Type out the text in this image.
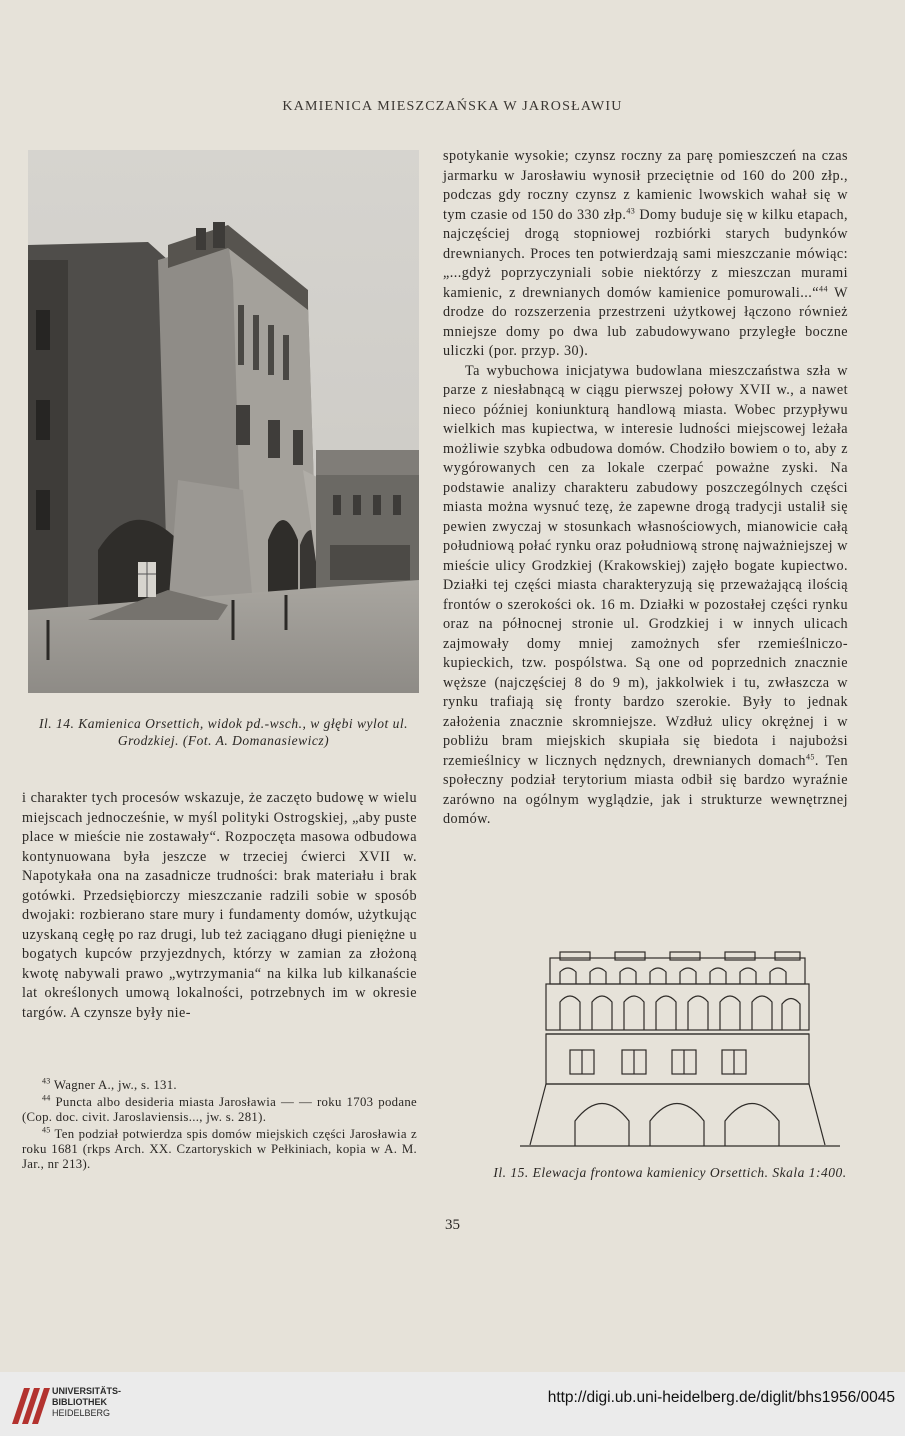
KAMIENICA MIESZCZAŃSKA W JAROSŁAWIU
Il. 14. Kamienica Orsettich, widok pd.-wsch., w głębi wylot ul. Grodzkiej. (Fot. A. Domanasiewicz)

spotykanie wysokie; czynsz roczny za parę pomieszczeń na czas jarmarku w Jarosławiu wynosił przeciętnie od 160 do 200 złp., podczas gdy roczny czynsz z kamienic lwowskich wahał się w tym czasie od 150 do 330 złp.$^{43}$ Domy buduje się w kilku etapach, najczęściej drogą stopniowej rozbiórki starych budynków drewnianych. Proces ten potwierdzają sami mieszczanie mówiąc: „...gdyż poprzyczyniali sobie niektórzy z mieszczan murami kamienic, z drewnianych domów kamienice pomurowali...“$^{44}$ W drodze do rozszerzenia przestrzeni użytkowej łączono również mniejsze domy po dwa lub zabudowywano przyległe boczne uliczki (por. przyp. 30).

Ta wybuchowa inicjatywa budowlana mieszczaństwa szła w parze z niesłabnącą w ciągu pierwszej połowy XVII w., a nawet nieco później koniunkturą handlową miasta. Wobec przypływu wielkich mas kupiectwa, w interesie ludności miejscowej leżała możliwie szybka odbudowa domów. Chodziło bowiem o to, aby z wygórowanych cen za lokale czerpać poważne zyski. Na podstawie analizy charakteru zabudowy poszczególnych części miasta można wysnuć tezę, że zapewne drogą tradycji ustalił się pewien zwyczaj w stosunkach własnościowych, mianowicie całą południową połać rynku oraz południową stronę najważniejszej w mieście ulicy Grodzkiej (Krakowskiej) zajęło bogate kupiectwo. Działki tej części miasta charakteryzują się przeważającą ilością frontów o szerokości ok. 16 m. Działki w pozostałej części rynku oraz na północnej stronie ul. Grodzkiej i w innych ulicach zajmowały domy mniej zamożnych sfer rzemieślniczo-kupieckich, tzw. pospólstwa. Są one od poprzednich znacznie węższe (najczęściej 8 do 9 m), jakkolwiek i tu, zwłaszcza w rynku trafiają się fronty bardzo szerokie. Były to jednak założenia znacznie skromniejsze. Wzdłuż ulicy okrężnej i w pobliżu bram miejskich skupiała się biedota i najubożsi rzemieślnicy w licznych nędznych, drewnianych domach$^{45}$. Ten społeczny podział terytorium miasta odbił się bardzo wyraźnie zarówno na ogólnym wyglądzie, jak i strukturze wewnętrznej domów.

i charakter tych procesów wskazuje, że zaczęto budowę w wielu miejscach jednocześnie, w myśl polityki Ostrogskiej, „aby puste place w mieście nie zostawały“. Rozpoczęta masowa odbudowa kontynuowana była jeszcze w trzeciej ćwierci XVII w. Napotykała ona na zasadnicze trudności: brak materiału i brak gotówki. Przedsiębiorczy mieszczanie radzili sobie w sposób dwojaki: rozbierano stare mury i fundamenty domów, użytkując uzyskaną cegłę po raz drugi, lub też zaciągano długi pieniężne u bogatych kupców przyjezdnych, którzy w zamian za złożoną kwotę nabywali prawo „wytrzymania“ na kilka lub kilkanaście lat określonych umową lokalności, potrzebnych im w okresie targów. A czynsze były nie-

$^{43}$ Wagner A., jw., s. 131.

$^{44}$ Puncta albo desideria miasta Jarosławia — — roku 1703 podane (Cop. doc. civit. Jaroslaviensis..., jw. s. 281).

$^{45}$ Ten podział potwierdza spis domów miejskich części Jarosławia z roku 1681 (rkps Arch. XX. Czartoryskich w Pełkiniach, kopia w A. M. Jar., nr 213).

Il. 15. Elewacja frontowa kamienicy Orsettich. Skala 1:400.
35
UNIVERSITÄTS-
BIBLIOTHEK
HEIDELBERG
http://digi.ub.uni-heidelberg.de/diglit/bhs1956/0045
